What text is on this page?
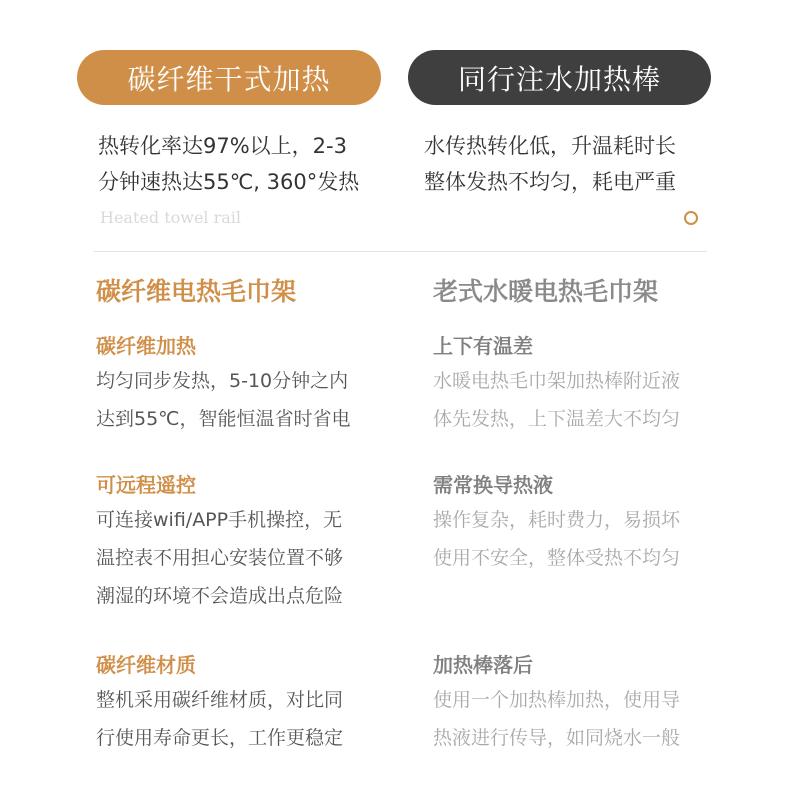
碳纤维干式加热	同行注水加热棒
热转化率达97%以上，2-3
分钟速热达55℃, 360°发热
水传热转化低，升温耗时长
整体发热不均匀，耗电严重
Heated towel rail
碳纤维电热毛巾架
碳纤维加热
均匀同步发热，5-10分钟之内
达到55℃，智能恒温省时省电
可远程遥控
可连接wifi/APP手机操控，无
温控表不用担心安装位置不够
潮湿的环境不会造成出点危险
碳纤维材质
整机采用碳纤维材质，对比同
行使用寿命更长，工作更稳定
老式水暖电热毛巾架
上下有温差
水暖电热毛巾架加热棒附近液
体先发热，上下温差大不均匀
需常换导热液
操作复杂，耗时费力，易损坏
使用不安全，整体受热不均匀
加热棒落后
使用一个加热棒加热，使用导
热液进行传导，如同烧水一般
